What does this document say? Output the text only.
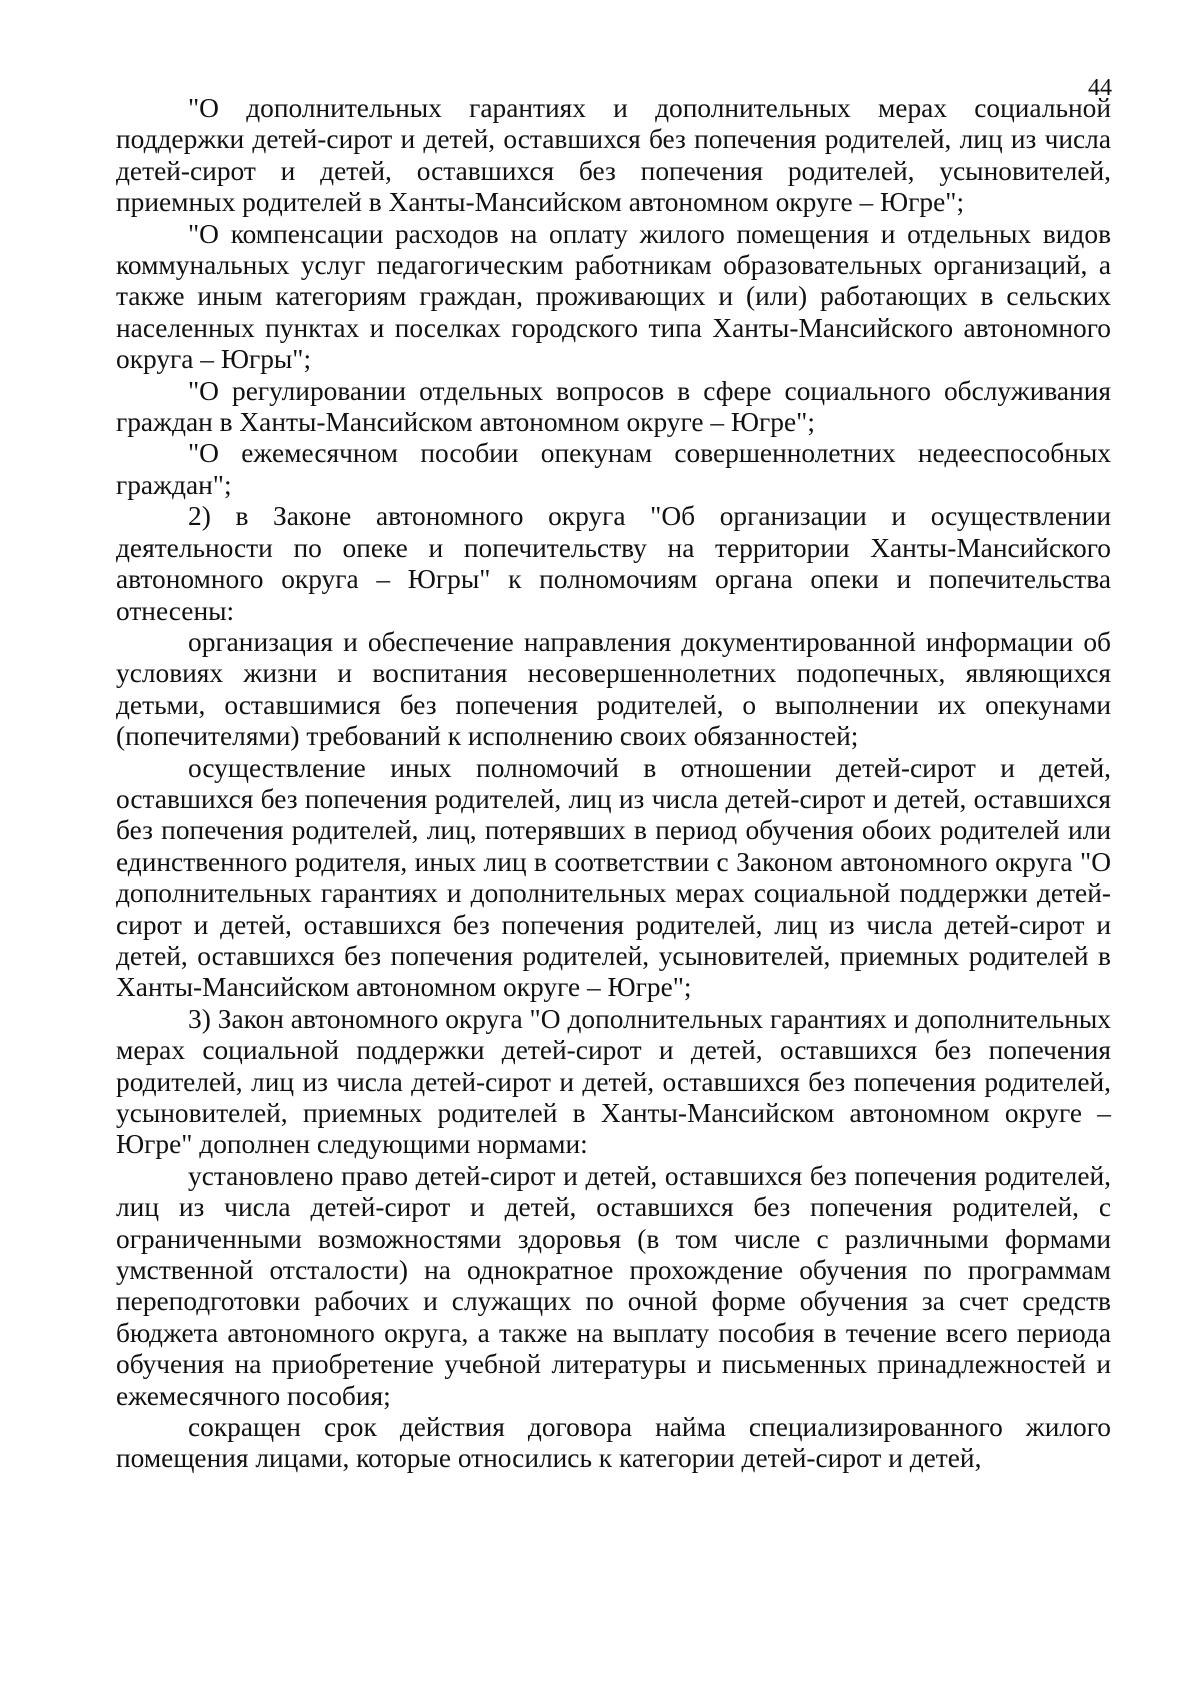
44

"О дополнительных гарантиях и дополнительных мерах социальной поддержки детей-сирот и детей, оставшихся без попечения родителей, лиц из числа детей-сирот и детей, оставшихся без попечения родителей, усыновителей, приемных родителей в Ханты-Мансийском автономном округе – Югре";

"О компенсации расходов на оплату жилого помещения и отдельных видов коммунальных услуг педагогическим работникам образовательных организаций, а также иным категориям граждан, проживающих и (или) работающих в сельских населенных пунктах и поселках городского типа Ханты-Мансийского автономного округа – Югры";

"О регулировании отдельных вопросов в сфере социального обслуживания граждан в Ханты-Мансийском автономном округе – Югре";

"О ежемесячном пособии опекунам совершеннолетних недееспособных граждан";

2) в Законе автономного округа "Об организации и осуществлении деятельности по опеке и попечительству на территории Ханты-Мансийского автономного округа – Югры" к полномочиям органа опеки и попечительства отнесены:

организация и обеспечение направления документированной информации об условиях жизни и воспитания несовершеннолетних подопечных, являющихся детьми, оставшимися без попечения родителей, о выполнении их опекунами (попечителями) требований к исполнению своих обязанностей;

осуществление иных полномочий в отношении детей-сирот и детей, оставшихся без попечения родителей, лиц из числа детей-сирот и детей, оставшихся без попечения родителей, лиц, потерявших в период обучения обоих родителей или единственного родителя, иных лиц в соответствии с Законом автономного округа "О дополнительных гарантиях и дополнительных мерах социальной поддержки детей-сирот и детей, оставшихся без попечения родителей, лиц из числа детей-сирот и детей, оставшихся без попечения родителей, усыновителей, приемных родителей в Ханты-Мансийском автономном округе – Югре";

3) Закон автономного округа "О дополнительных гарантиях и дополнительных мерах социальной поддержки детей-сирот и детей, оставшихся без попечения родителей, лиц из числа детей-сирот и детей, оставшихся без попечения родителей, усыновителей, приемных родителей в Ханты-Мансийском автономном округе – Югре" дополнен следующими нормами:

установлено право детей-сирот и детей, оставшихся без попечения родителей, лиц из числа детей-сирот и детей, оставшихся без попечения родителей, с ограниченными возможностями здоровья (в том числе с различными формами умственной отсталости) на однократное прохождение обучения по программам переподготовки рабочих и служащих по очной форме обучения за счет средств бюджета автономного округа, а также на выплату пособия в течение всего периода обучения на приобретение учебной литературы и письменных принадлежностей и ежемесячного пособия;

сокращен срок действия договора найма специализированного жилого помещения лицами, которые относились к категории детей-сирот и детей,
